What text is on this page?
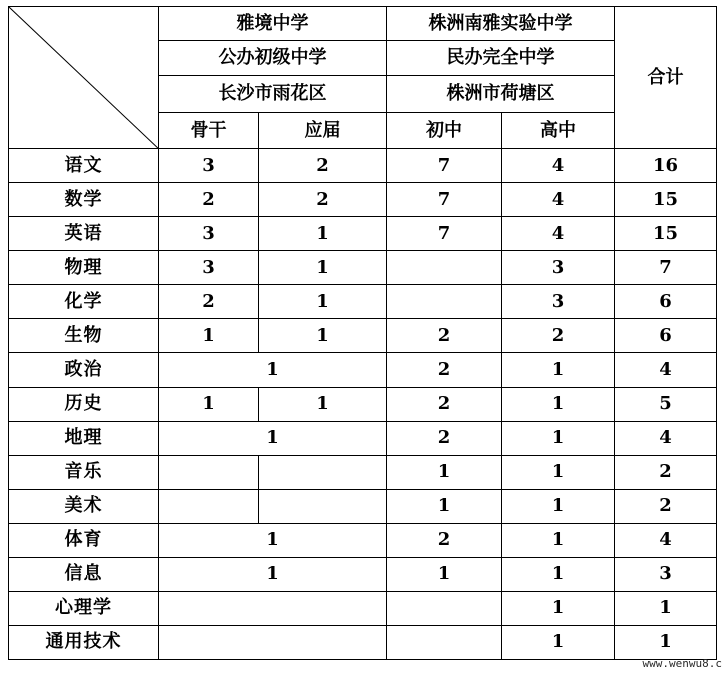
	雅境中学		株洲南雅实验中学		合计
	公办初级中学		民办完全中学		
	长沙市雨花区		株洲市荷塘区		
	骨干	应届	初中	高中	
语文	3	2	7	4	16
数学	2	2	7	4	15
英语	3	1	7	4	15
物理	3	1		3	7
化学	2	1		3	6
生物	1	1	2	2	6
政治	1		2	1	4
历史	1	1	2	1	5
地理	1		2	1	4
音乐			1	1	2
美术			1	1	2
体育	1		2	1	4
信息	1		1	1	3
心理学				1	1
通用技术				1	1
www.wenwu8.c
